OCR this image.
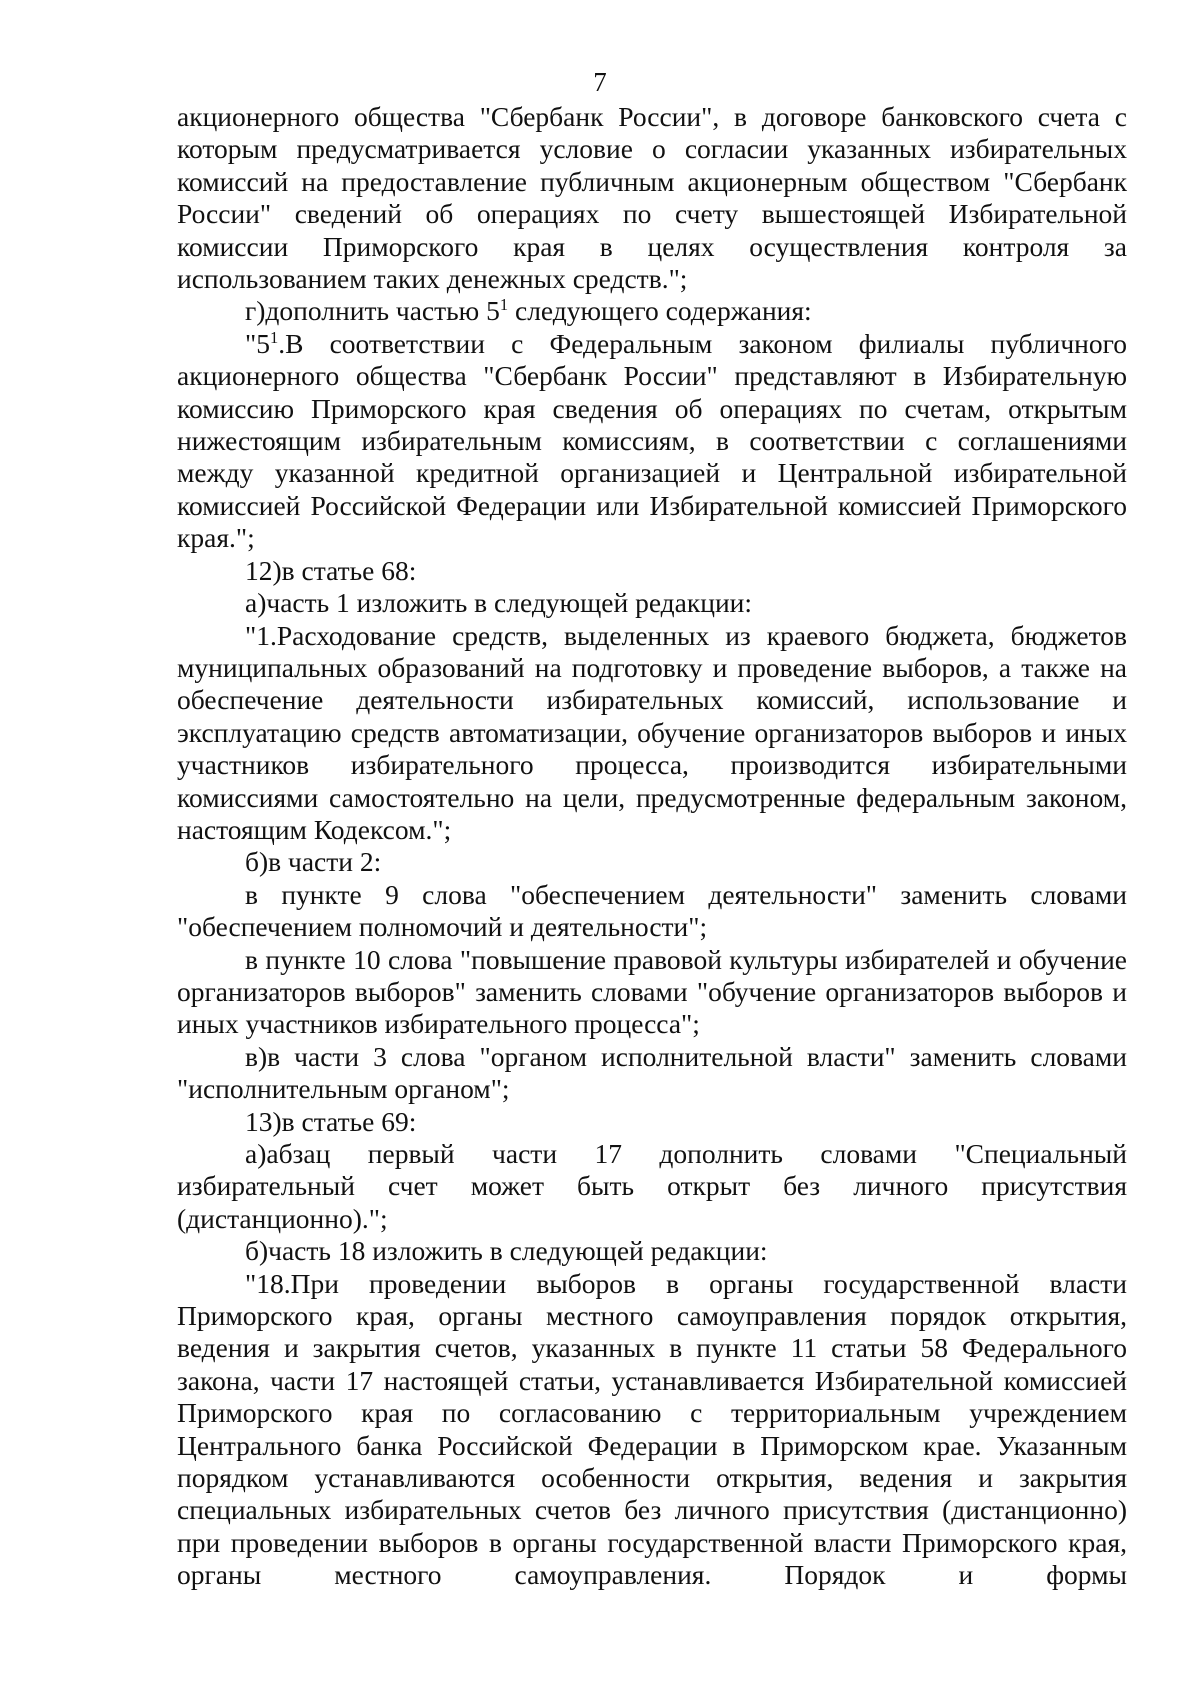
7

акционерного общества "Сбербанк России", в договоре банковского счета с которым предусматривается условие о согласии указанных избирательных комиссий на предоставление публичным акционерным обществом "Сбербанк России" сведений об операциях по счету вышестоящей Избирательной комиссии Приморского края в целях осуществления контроля за использованием таких денежных средств.";

г)дополнить частью $5^1$ следующего содержания:

"$5^1.В$ соответствии с Федеральным законом филиалы публичного акционерного общества "Сбербанк России" представляют в Избирательную комиссию Приморского края сведения об операциях по счетам, открытым нижестоящим избирательным комиссиям, в соответствии с соглашениями между указанной кредитной организацией и Центральной избирательной комиссией Российской Федерации или Избирательной комиссией Приморского края.";

12)в статье 68:

а)часть 1 изложить в следующей редакции:

"1.Расходование средств, выделенных из краевого бюджета, бюджетов муниципальных образований на подготовку и проведение выборов, а также на обеспечение деятельности избирательных комиссий, использование и эксплуатацию средств автоматизации, обучение организаторов выборов и иных участников избирательного процесса, производится избирательными комиссиями самостоятельно на цели, предусмотренные федеральным законом, настоящим Кодексом.";

б)в части 2:

в пункте 9 слова "обеспечением деятельности" заменить словами "обеспечением полномочий и деятельности";

в пункте 10 слова "повышение правовой культуры избирателей и обучение организаторов выборов" заменить словами "обучение организаторов выборов и иных участников избирательного процесса";

в)в части 3 слова "органом исполнительной власти" заменить словами "исполнительным органом";

13)в статье 69:

а)абзац первый части 17 дополнить словами "Специальный избирательный счет может быть открыт без личного присутствия (дистанционно).";

б)часть 18 изложить в следующей редакции:

"18.При проведении выборов в органы государственной власти Приморского края, органы местного самоуправления порядок открытия, ведения и закрытия счетов, указанных в пункте 11 статьи 58 Федерального закона, части 17 настоящей статьи, устанавливается Избирательной комиссией Приморского края по согласованию с территориальным учреждением Центрального банка Российской Федерации в Приморском крае. Указанным порядком устанавливаются особенности открытия, ведения и закрытия специальных избирательных счетов без личного присутствия (дистанционно) при проведении выборов в органы государственной власти Приморского края, органы местного самоуправления. Порядок и формы
